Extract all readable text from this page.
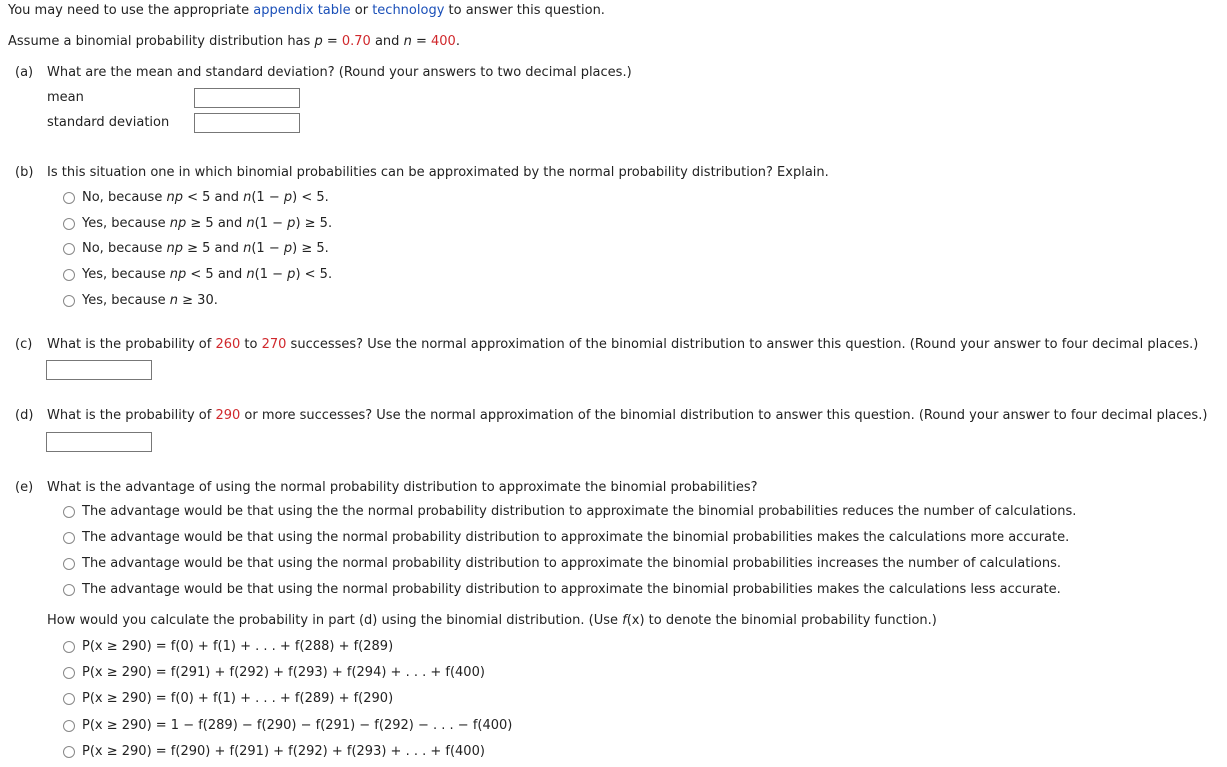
You may need to use the appropriate appendix table or technology to answer this question.
Assume a binomial probability distribution has p = 0.70 and n = 400.
(a) What are the mean and standard deviation? (Round your answers to two decimal places.)
mean
standard deviation
(b) Is this situation one in which binomial probabilities can be approximated by the normal probability distribution? Explain.
No, because np < 5 and n(1 − p) < 5.
Yes, because np ≥ 5 and n(1 − p) ≥ 5.
No, because np ≥ 5 and n(1 − p) ≥ 5.
Yes, because np < 5 and n(1 − p) < 5.
Yes, because n ≥ 30.
(c) What is the probability of 260 to 270 successes? Use the normal approximation of the binomial distribution to answer this question. (Round your answer to four decimal places.)
(d) What is the probability of 290 or more successes? Use the normal approximation of the binomial distribution to answer this question. (Round your answer to four decimal places.)
(e) What is the advantage of using the normal probability distribution to approximate the binomial probabilities?
The advantage would be that using the the normal probability distribution to approximate the binomial probabilities reduces the number of calculations.
The advantage would be that using the normal probability distribution to approximate the binomial probabilities makes the calculations more accurate.
The advantage would be that using the normal probability distribution to approximate the binomial probabilities increases the number of calculations.
The advantage would be that using the normal probability distribution to approximate the binomial probabilities makes the calculations less accurate.
How would you calculate the probability in part (d) using the binomial distribution. (Use f(x) to denote the binomial probability function.)
P(x ≥ 290) = f(0) + f(1) + . . . + f(288) + f(289)
P(x ≥ 290) = f(291) + f(292) + f(293) + f(294) + . . . + f(400)
P(x ≥ 290) = f(0) + f(1) + . . . + f(289) + f(290)
P(x ≥ 290) = 1 − f(289) − f(290) − f(291) − f(292) − . . . − f(400)
P(x ≥ 290) = f(290) + f(291) + f(292) + f(293) + . . . + f(400)
